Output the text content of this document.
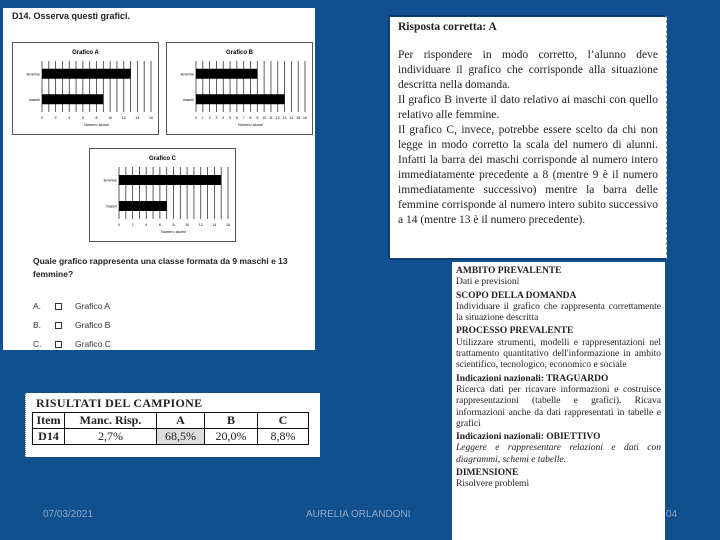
D14. Osserva questi grafici.
Grafico A
0	2	4	6	8	10	12	14	16
Numero alunni
femmine
maschi
Grafico B
0 1 2 3 4 5 6 7 8 9 10 11 12 13 14 15 16
Numero alunni
femmine
maschi
Grafico C
0	2	4	6	8	10	12	14	16
Numero alunni
femmine
maschi
Quale grafico rappresenta una classe formata da 9 maschi e 13 femmine?
A.	Grafico A
B.	Grafico B
C.	Grafico C
RISULTATI DEL CAMPIONE
Item	Manc. Risp.	A	B	C
D14	2,7%	68,5%	20,0%	8,8%
Risposta corretta: A
Per rispondere in modo corretto, l’alunno deve individuare il grafico che corrisponde alla situazione descritta nella domanda.
Il grafico B inverte il dato relativo ai maschi con quello relativo alle femmine.
Il grafico C, invece, potrebbe essere scelto da chi non legge in modo corretto la scala del numero di alunni. Infatti la barra dei maschi corrisponde al numero intero immediatamente precedente a 8 (mentre 9 è il numero immediatamente successivo) mentre la barra delle femmine corrisponde al numero intero subito successivo a 14 (mentre 13 è il numero precedente).
AMBITO PREVALENTE
Dati e previsioni
SCOPO DELLA DOMANDA
Individuare il grafico che rappresenta correttamente la situazione descritta
PROCESSO PREVALENTE
Utilizzare strumenti, modelli e rappresentazioni nel trattamento quantitativo dell'informazione in ambito scientifico, tecnologico, economico e sociale
Indicazioni nazionali: TRAGUARDO
Ricerca dati per ricavare informazioni e costruisce rappresentazioni (tabelle e grafici). Ricava informazioni anche da dati rappresentati in tabelle e grafici
Indicazioni nazionali: OBIETTIVO
Leggere e rappresentare relazioni e dati con diagrammi, schemi e tabelle.
DIMENSIONE
Risolvere problemi
07/03/2021	AURELIA ORLANDONI	04
